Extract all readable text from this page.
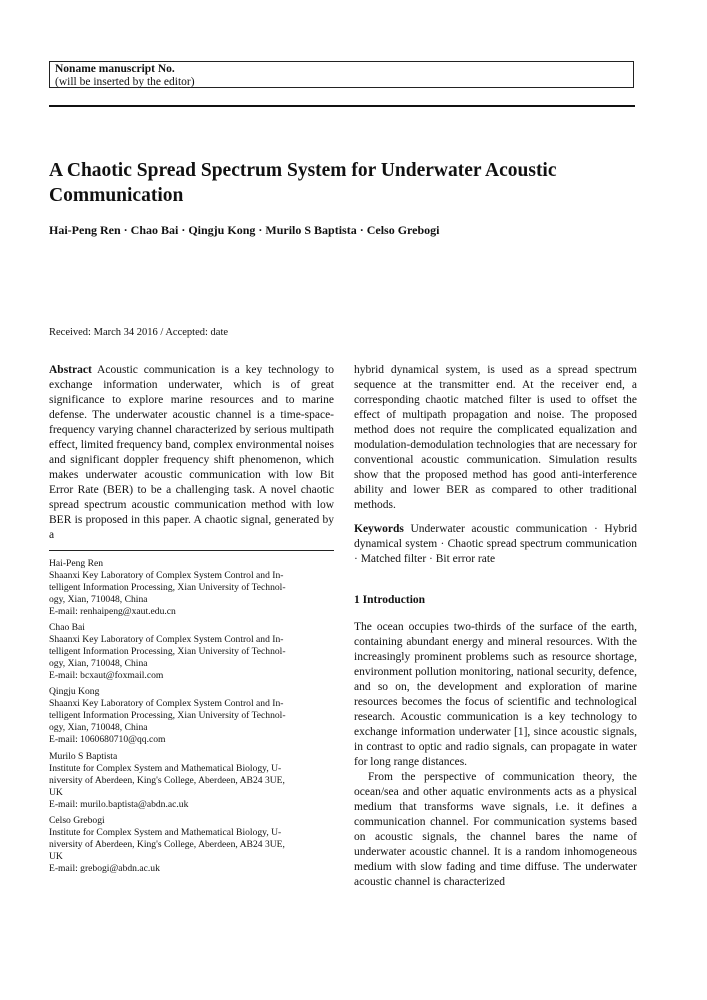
Noname manuscript No.
(will be inserted by the editor)
A Chaotic Spread Spectrum System for Underwater Acoustic Communication
Hai-Peng Ren · Chao Bai · Qingju Kong · Murilo S Baptista · Celso Grebogi
Received: March 34 2016 / Accepted: date

Abstract Acoustic communication is a key technology to exchange information underwater, which is of great significance to explore marine resources and to marine defense. The underwater acoustic channel is a time-space-frequency varying channel characterized by serious multipath effect, limited frequency band, complex environmental noises and significant doppler frequency shift phenomenon, which makes underwater acoustic communication with low Bit Error Rate (BER) to be a challenging task. A novel chaotic spread spectrum acoustic communication method with low BER is proposed in this paper. A chaotic signal, generated by a

hybrid dynamical system, is used as a spread spectrum sequence at the transmitter end. At the receiver end, a corresponding chaotic matched filter is used to offset the effect of multipath propagation and noise. The proposed method does not require the complicated equalization and modulation-demodulation technologies that are necessary for conventional acoustic communication. Simulation results show that the proposed method has good anti-interference ability and lower BER as compared to other traditional methods.

Keywords Underwater acoustic communication · Hybrid dynamical system · Chaotic spread spectrum communication · Matched filter · Bit error rate

1 Introduction

The ocean occupies two-thirds of the surface of the earth, containing abundant energy and mineral resources. With the increasingly prominent problems such as resource shortage, environment pollution monitoring, national security, defence, and so on, the development and exploration of marine resources becomes the focus of scientific and technological research. Acoustic communication is a key technology to exchange information underwater [1], since acoustic signals, in contrast to optic and radio signals, can propagate in water for long range distances.

From the perspective of communication theory, the ocean/sea and other aquatic environments acts as a physical medium that transforms wave signals, i.e. it defines a communication channel. For communication systems based on acoustic signals, the channel bares the name of underwater acoustic channel. It is a random inhomogeneous medium with slow fading and time diffuse. The underwater acoustic channel is characterized

Hai-Peng Ren
Shaanxi Key Laboratory of Complex System Control and In-
telligent Information Processing, Xian University of Technol-
ogy, Xian, 710048, China
E-mail: renhaipeng@xaut.edu.cn
Chao Bai
Shaanxi Key Laboratory of Complex System Control and In-
telligent Information Processing, Xian University of Technol-
ogy, Xian, 710048, China
E-mail: bcxaut@foxmail.com
Qingju Kong
Shaanxi Key Laboratory of Complex System Control and In-
telligent Information Processing, Xian University of Technol-
ogy, Xian, 710048, China
E-mail: 1060680710@qq.com
Murilo S Baptista
Institute for Complex System and Mathematical Biology, U-
niversity of Aberdeen, King's College, Aberdeen, AB24 3UE,
UK
E-mail: murilo.baptista@abdn.ac.uk
Celso Grebogi
Institute for Complex System and Mathematical Biology, U-
niversity of Aberdeen, King's College, Aberdeen, AB24 3UE,
UK
E-mail: grebogi@abdn.ac.uk
